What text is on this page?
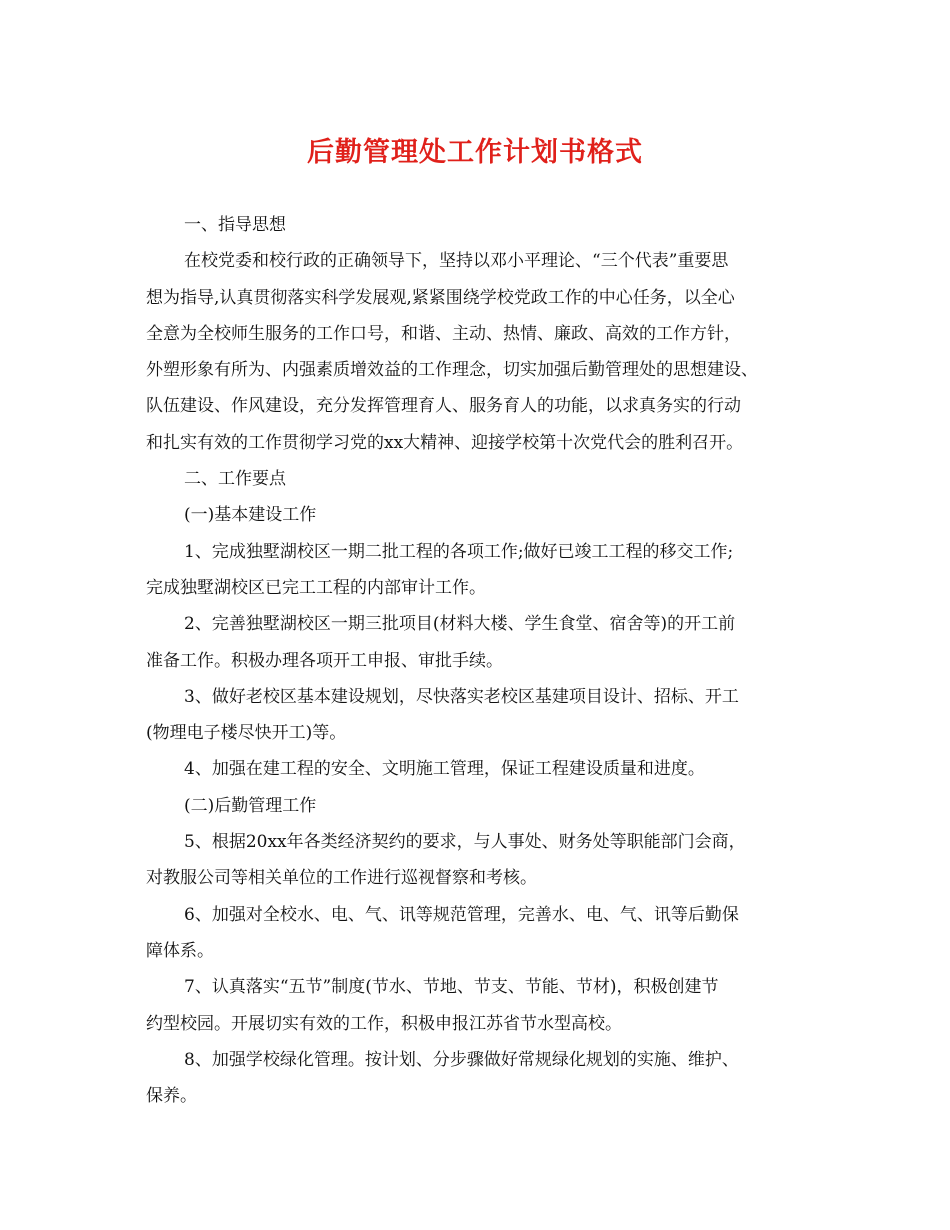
后勤管理处工作计划书格式
一、指导思想
在校党委和校行政的正确领导下，坚持以邓小平理论、“三个代表”重要思
想为指导,认真贯彻落实科学发展观,紧紧围绕学校党政工作的中心任务，以全心
全意为全校师生服务的工作口号，和谐、主动、热情、廉政、高效的工作方针，
外塑形象有所为、内强素质增效益的工作理念，切实加强后勤管理处的思想建设、
队伍建设、作风建设，充分发挥管理育人、服务育人的功能，以求真务实的行动
和扎实有效的工作贯彻学习党的xx大精神、迎接学校第十次党代会的胜利召开。
二、工作要点
(一)基本建设工作
1、完成独墅湖校区一期二批工程的各项工作;做好已竣工工程的移交工作;
完成独墅湖校区已完工工程的内部审计工作。
2、完善独墅湖校区一期三批项目(材料大楼、学生食堂、宿舍等)的开工前
准备工作。积极办理各项开工申报、审批手续。
3、做好老校区基本建设规划，尽快落实老校区基建项目设计、招标、开工
(物理电子楼尽快开工)等。
4、加强在建工程的安全、文明施工管理，保证工程建设质量和进度。
(二)后勤管理工作
5、根据20xx年各类经济契约的要求，与人事处、财务处等职能部门会商，
对教服公司等相关单位的工作进行巡视督察和考核。
6、加强对全校水、电、气、讯等规范管理，完善水、电、气、讯等后勤保
障体系。
7、认真落实“五节”制度(节水、节地、节支、节能、节材)，积极创建节
约型校园。开展切实有效的工作，积极申报江苏省节水型高校。
8、加强学校绿化管理。按计划、分步骤做好常规绿化规划的实施、维护、
保养。
